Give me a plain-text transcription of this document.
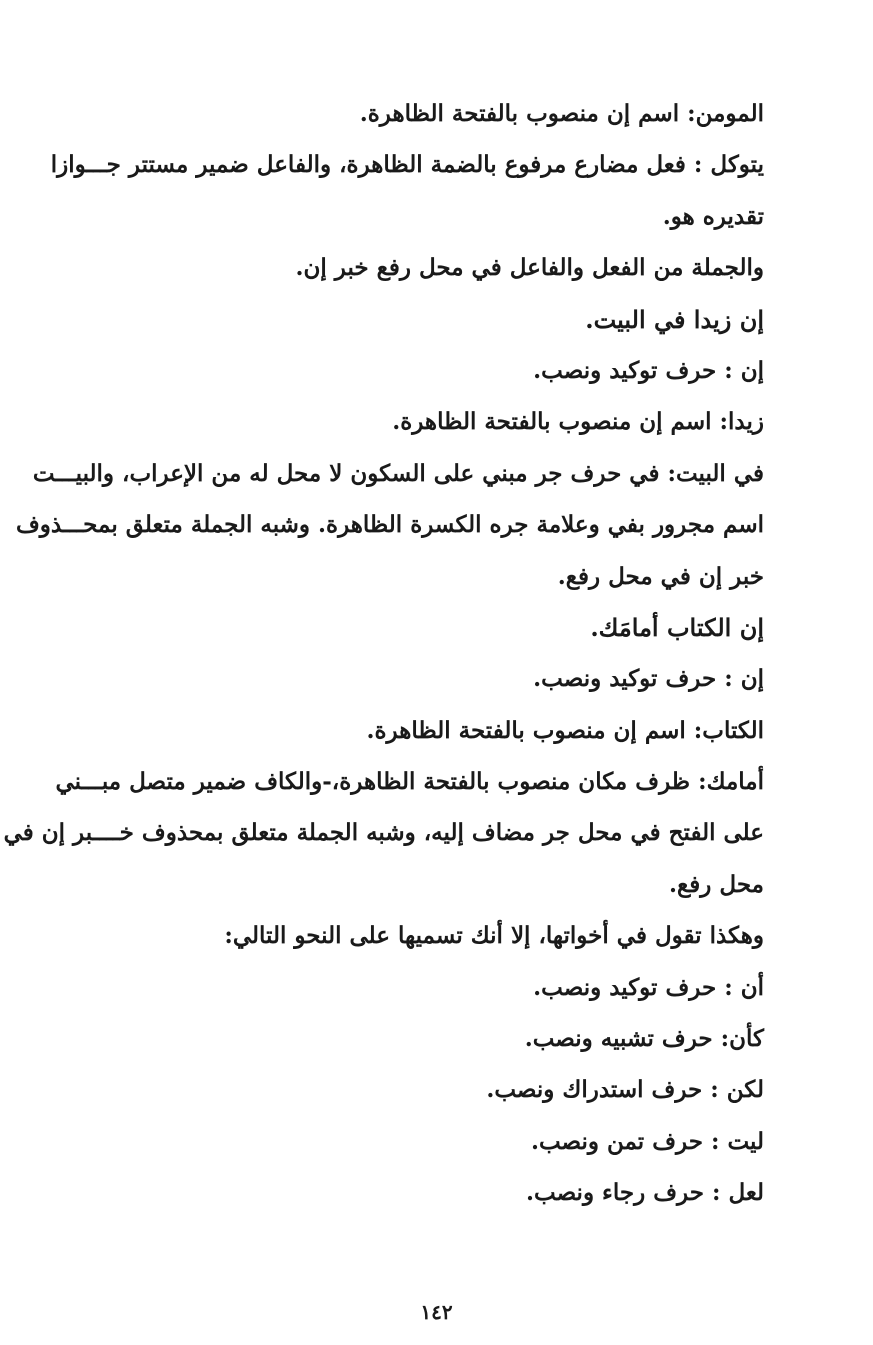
المومن: اسم إن منصوب بالفتحة الظاهرة.
يتوكل : فعل مضارع مرفوع بالضمة الظاهرة، والفاعل ضمير مستتر جـــوازا
تقديره هو.
والجملة من الفعل والفاعل في محل رفع خبر إن.
إن زيدا في البيت.
إن : حرف توكيد ونصب.
زيدا: اسم إن منصوب بالفتحة الظاهرة.
في البيت: في حرف جر مبني على السكون لا محل له من الإعراب، والبيـــت
اسم مجرور بفي وعلامة جره الكسرة الظاهرة. وشبه الجملة متعلق بمحـــذوف
خبر إن في محل رفع.
إن الكتاب أمامَك.
إن : حرف توكيد ونصب.
الكتاب: اسم إن منصوب بالفتحة الظاهرة.
أمامك: ظرف مكان منصوب بالفتحة الظاهرة،-والكاف ضمير متصل مبـــني
على الفتح في محل جر مضاف إليه، وشبه الجملة متعلق بمحذوف خــــبر إن في
محل رفع.
وهكذا تقول في أخواتها، إلا أنك تسميها على النحو التالي:
أن : حرف توكيد ونصب.
كأن: حرف تشبيه ونصب.
لكن : حرف استدراك ونصب.
ليت : حرف تمن ونصب.
لعل : حرف رجاء ونصب.
١٤٢
